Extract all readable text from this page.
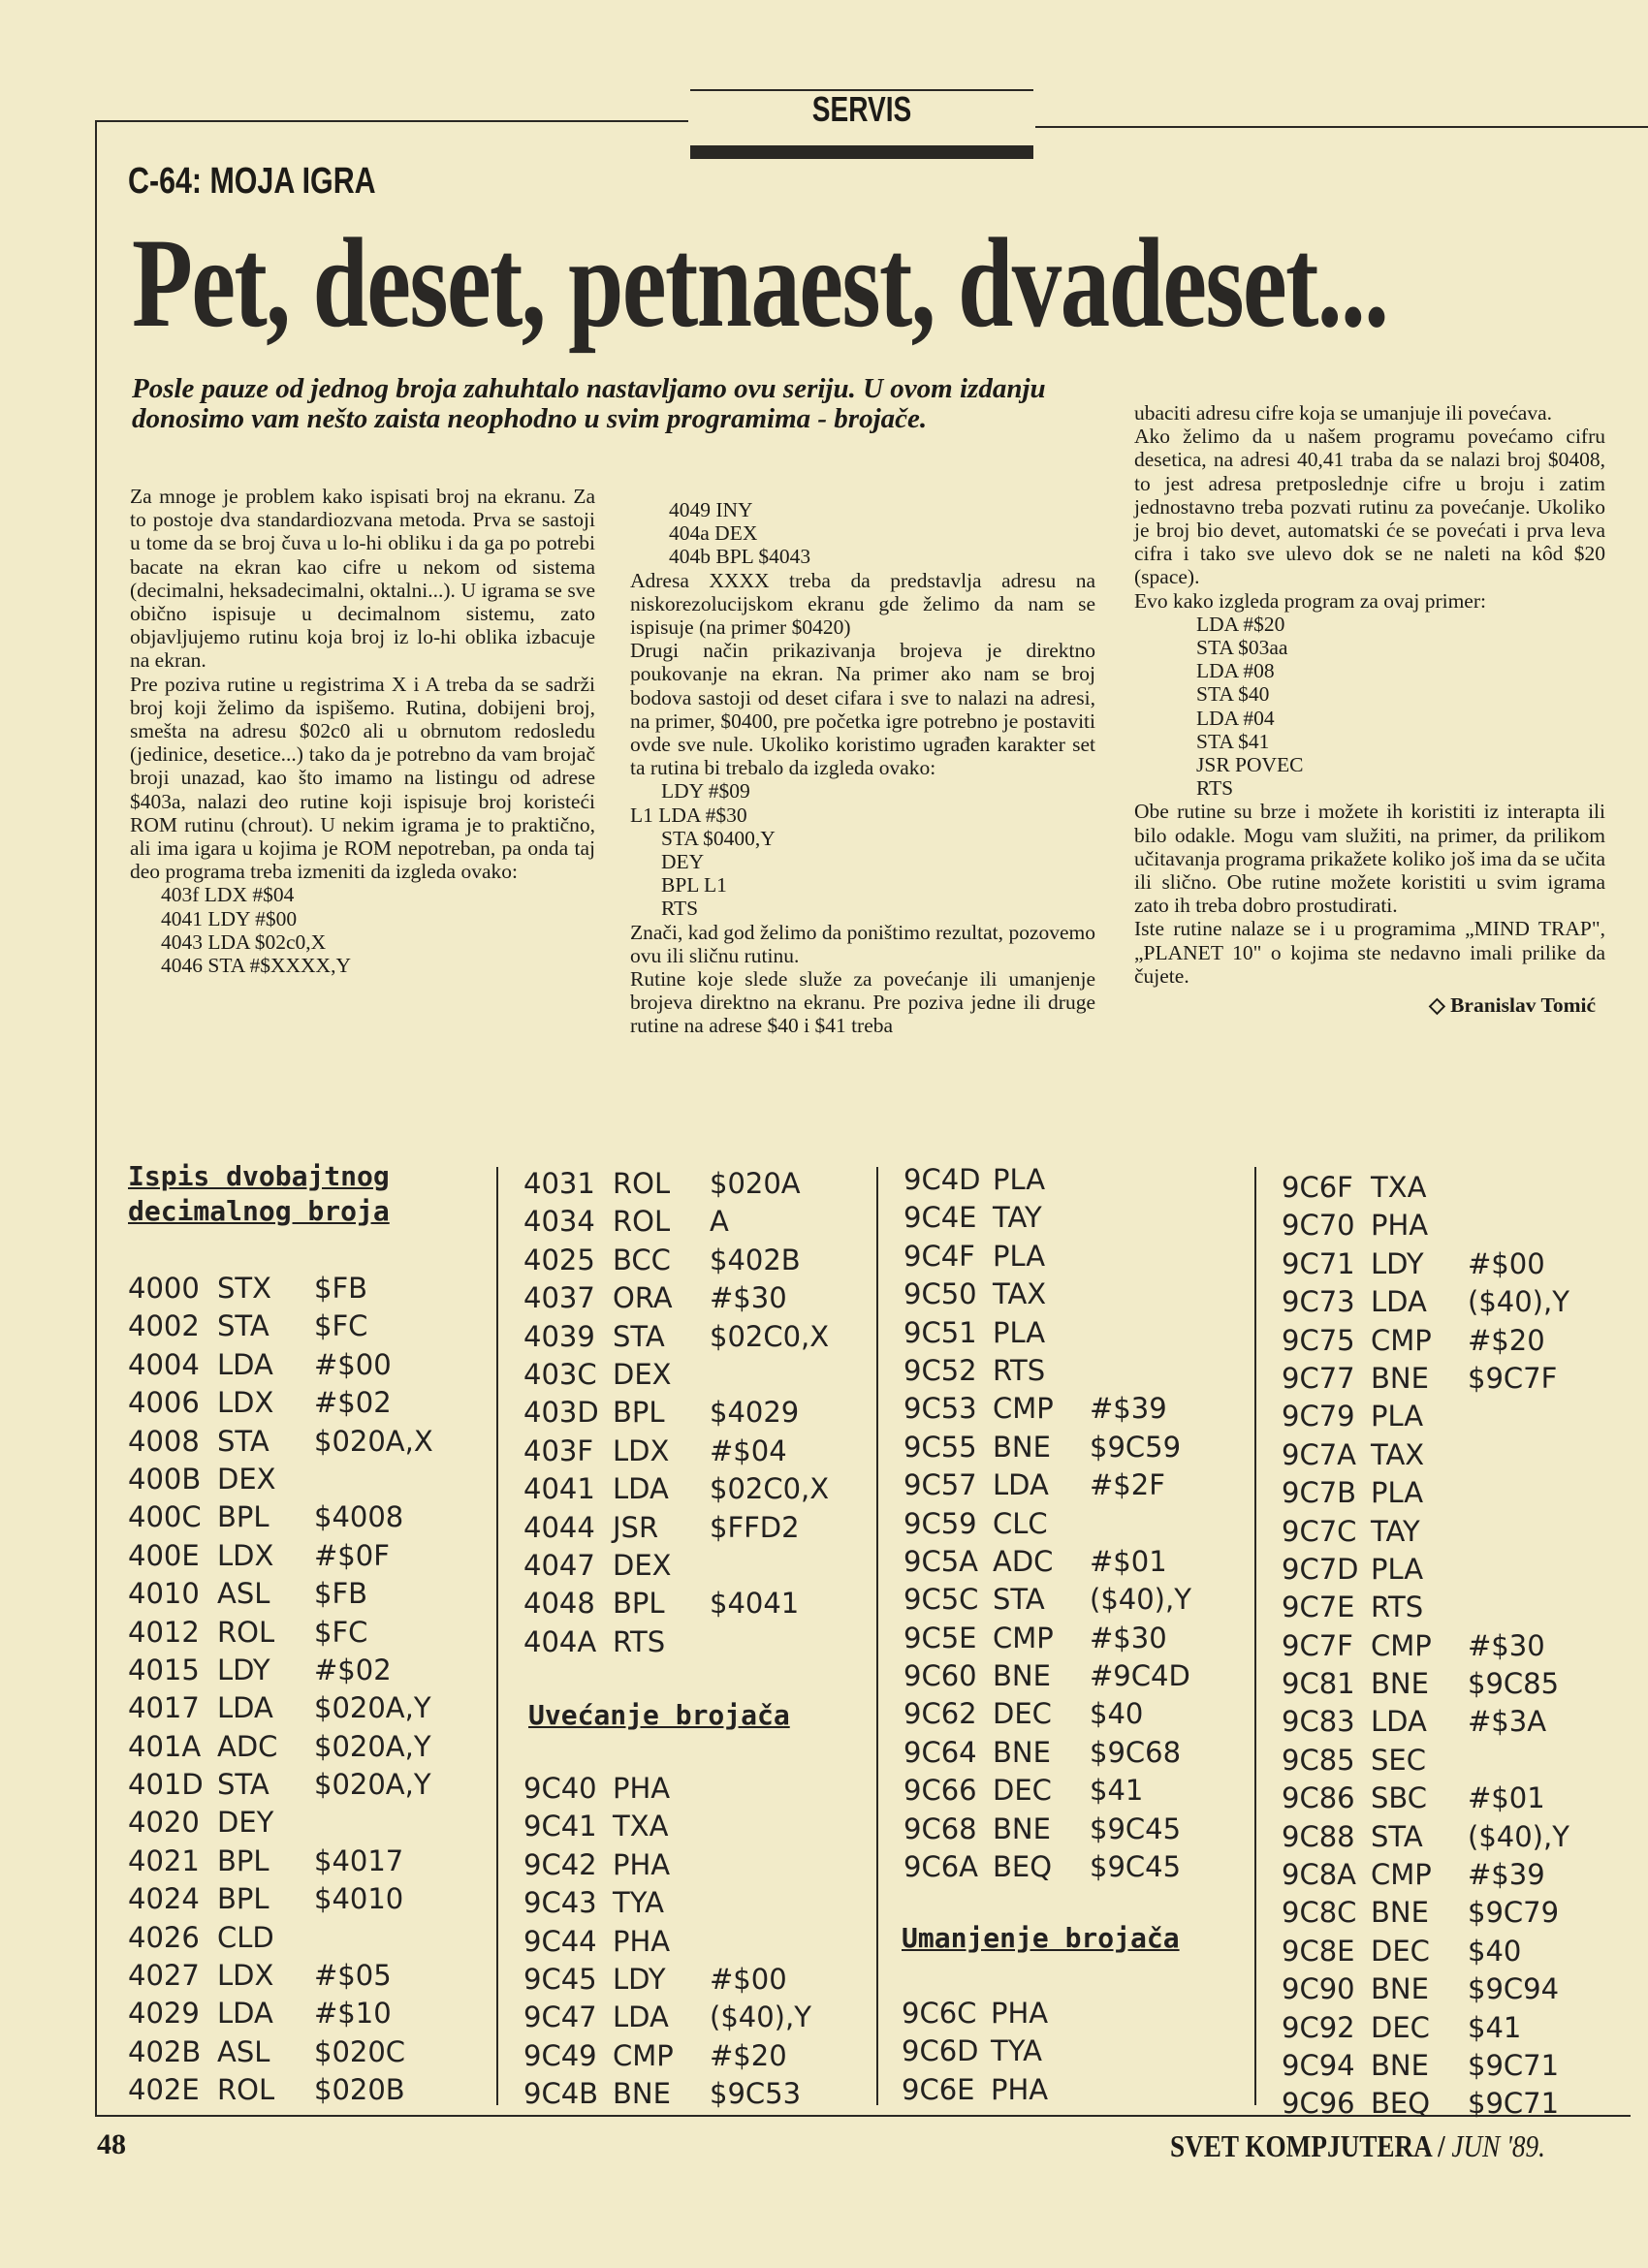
SERVIS
C-64: MOJA IGRA
Pet, deset, petnaest, dvadeset...
Posle pauze od jednog broja zahuhtalo nastavljamo ovu seriju. U ovom izdanju donosimo vam nešto zaista neophodno u svim programima - brojače.

Za mnoge je problem kako ispisati broj na ekranu. Za to postoje dva standardiozvana metoda. Prva se sastoji u tome da se broj čuva u lo-hi obliku i da ga po potrebi bacate na ekran kao cifre u nekom od sistema (decimalni, heksadecimalni, oktalni...). U igrama se sve obično ispisuje u decimalnom sistemu, zato objavljujemo rutinu koja broj iz lo-hi oblika izbacuje na ekran.

Pre poziva rutine u registrima X i A treba da se sadrži broj koji želimo da ispišemo. Rutina, dobijeni broj, smešta na adresu $02c0 ali u obrnutom redosledu (jedinice, desetice...) tako da je potrebno da vam brojač broji unazad, kao što imamo na listingu od adrese $403a, nalazi deo rutine koji ispisuje broj koristeći ROM rutinu (chrout). U nekim igrama je to praktično, ali ima igara u kojima je ROM nepotreban, pa onda taj deo programa treba izmeniti da izgleda ovako:

403f LDX #$04

4041 LDY #$00

4043 LDA $02c0,X

4046 STA #$XXXX,Y

4049 INY

404a DEX

404b BPL $4043

Adresa XXXX treba da predstavlja adresu na niskorezolucijskom ekranu gde želimo da nam se ispisuje (na primer $0420)

Drugi način prikazivanja brojeva je direktno poukovanje na ekran. Na primer ako nam se broj bodova sastoji od deset cifara i sve to nalazi na adresi, na primer, $0400, pre početka igre potrebno je postaviti ovde sve nule. Ukoliko koristimo ugrađen karakter set ta rutina bi trebalo da izgleda ovako:

LDY #$09

L1 LDA #$30

STA $0400,Y

DEY

BPL L1

RTS

Znači, kad god želimo da poništimo rezultat, pozovemo ovu ili sličnu rutinu.

Rutine koje slede služe za povećanje ili umanjenje brojeva direktno na ekranu. Pre poziva jedne ili druge rutine na adrese $40 i $41 treba

ubaciti adresu cifre koja se umanjuje ili povećava.

Ako želimo da u našem programu povećamo cifru desetica, na adresi 40,41 traba da se nalazi broj $0408, to jest adresa pretposlednje cifre u broju i zatim jednostavno treba pozvati rutinu za povećanje. Ukoliko je broj bio devet, automatski će se povećati i prva leva cifra i tako sve ulevo dok se ne naleti na kôd $20 (space).

Evo kako izgleda program za ovaj primer:

LDA #$20

STA $03aa

LDA #08

STA $40

LDA #04

STA $41

JSR POVEC

RTS

Obe rutine su brze i možete ih koristiti iz interapta ili bilo odakle. Mogu vam služiti, na primer, da prilikom učitavanja programa prikažete koliko još ima da se učita ili slično. Obe rutine možete koristiti u svim igrama zato ih treba dobro prostudirati.

Iste rutine nalaze se i u programima „MIND TRAP", „PLANET 10" o kojima ste nedavno imali prilike da čujete.

◇ Branislav Tomić

Ispis dvobajtnog
decimalnog broja
4000 STX	$FB
4002 STA	$FC
4004 LDA	#$00
4006 LDX	#$02
4008 STA	$020A,X
400B DEX
400C BPL	$4008
400E LDX	#$0F
4010 ASL	$FB
4012 ROL	$FC
4015 LDY	#$02
4017 LDA	$020A,Y
401A ADC	$020A,Y
401D STA	$020A,Y
4020 DEY
4021 BPL	$4017
4024 BPL	$4010
4026 CLD
4027 LDX	#$05
4029 LDA	#$10
402B ASL	$020C
402E ROL	$020B
4031 ROL	$020A
4034 ROL	A
4025 BCC	$402B
4037 ORA	#$30
4039 STA	$02C0,X
403C DEX
403D BPL	$4029
403F LDX	#$04
4041 LDA	$02C0,X
4044 JSR	$FFD2
4047 DEX
4048 BPL	$4041
404A RTS
Uvećanje brojača
9C40 PHA
9C41 TXA
9C42 PHA
9C43 TYA
9C44 PHA
9C45 LDY	#$00
9C47 LDA	($40),Y
9C49 CMP	#$20
9C4B BNE	$9C53
9C4D PLA
9C4E TAY
9C4F PLA
9C50 TAX
9C51 PLA
9C52 RTS
9C53 CMP	#$39
9C55 BNE	$9C59
9C57 LDA	#$2F
9C59 CLC
9C5A ADC	#$01
9C5C STA	($40),Y
9C5E CMP	#$30
9C60 BNE	#9C4D
9C62 DEC	$40
9C64 BNE	$9C68
9C66 DEC	$41
9C68 BNE	$9C45
9C6A BEQ	$9C45
Umanjenje brojača
9C6C PHA
9C6D TYA
9C6E PHA
9C6F TXA
9C70 PHA
9C71 LDY	#$00
9C73 LDA	($40),Y
9C75 CMP	#$20
9C77 BNE	$9C7F
9C79 PLA
9C7A TAX
9C7B PLA
9C7C TAY
9C7D PLA
9C7E RTS
9C7F CMP	#$30
9C81 BNE	$9C85
9C83 LDA	#$3A
9C85 SEC
9C86 SBC	#$01
9C88 STA	($40),Y
9C8A CMP	#$39
9C8C BNE	$9C79
9C8E DEC	$40
9C90 BNE	$9C94
9C92 DEC	$41
9C94 BNE	$9C71
9C96 BEQ	$9C71
48	SVET KOMPJUTERA / JUN '89.
